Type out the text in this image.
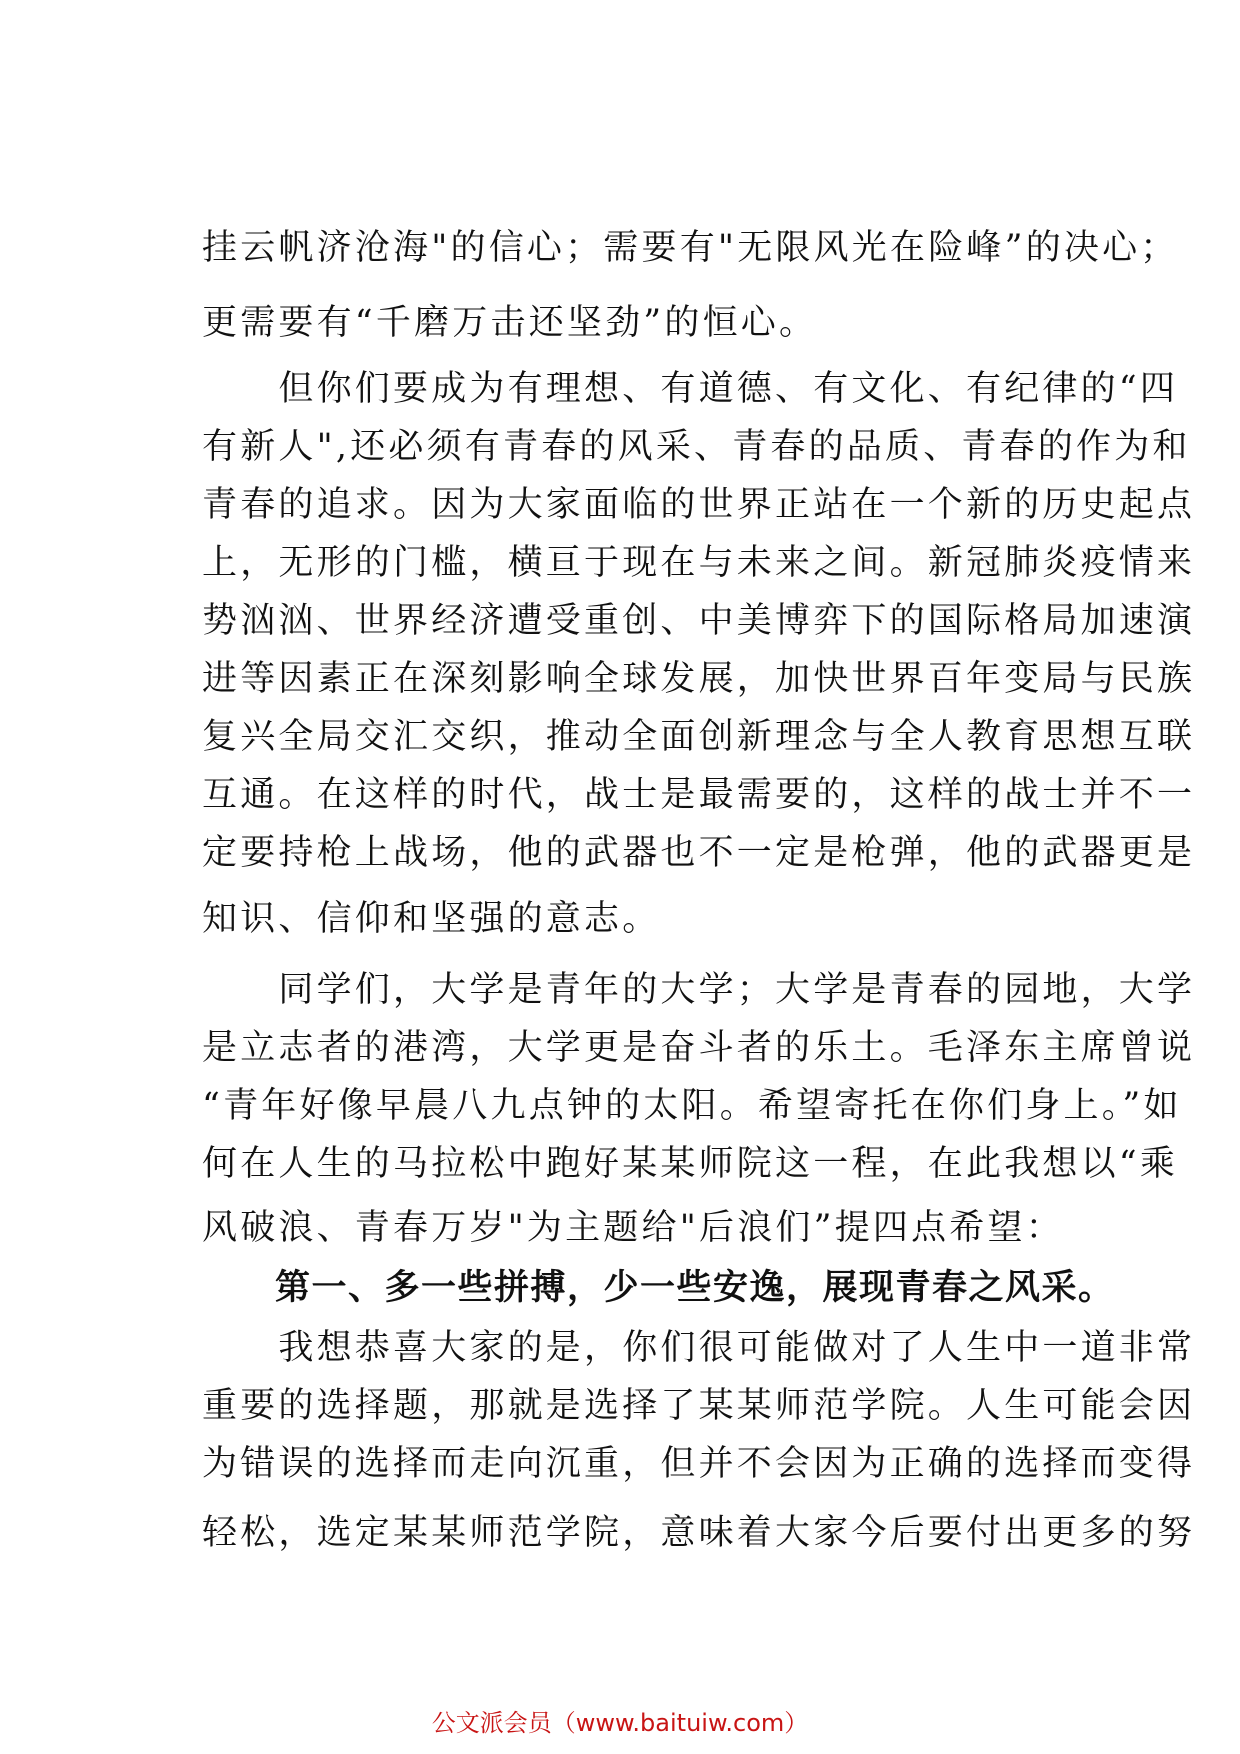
挂云帆济沧海"的信心；需要有"无限风光在险峰”的决心；
更需要有“千磨万击还坚劲”的恒心。
　　但你们要成为有理想、有道德、有文化、有纪律的“四
有新人",还必须有青春的风采、青春的品质、青春的作为和
青春的追求。因为大家面临的世界正站在一个新的历史起点
上，无形的门槛，横亘于现在与未来之间。新冠肺炎疫情来
势汹汹、世界经济遭受重创、中美博弈下的国际格局加速演
进等因素正在深刻影响全球发展，加快世界百年变局与民族
复兴全局交汇交织，推动全面创新理念与全人教育思想互联
互通。在这样的时代，战士是最需要的，这样的战士并不一
定要持枪上战场，他的武器也不一定是枪弹，他的武器更是
知识、信仰和坚强的意志。
　　同学们，大学是青年的大学；大学是青春的园地，大学
是立志者的港湾，大学更是奋斗者的乐土。毛泽东主席曾说
“青年好像早晨八九点钟的太阳。希望寄托在你们身上。”如
何在人生的马拉松中跑好某某师院这一程，在此我想以“乘
风破浪、青春万岁"为主题给"后浪们”提四点希望：
　　第一、多一些拼搏，少一些安逸，展现青春之风采。
　　我想恭喜大家的是，你们很可能做对了人生中一道非常
重要的选择题，那就是选择了某某师范学院。人生可能会因
为错误的选择而走向沉重，但并不会因为正确的选择而变得
轻松，选定某某师范学院，意味着大家今后要付出更多的努
公文派会员（www.baituiw.com）
